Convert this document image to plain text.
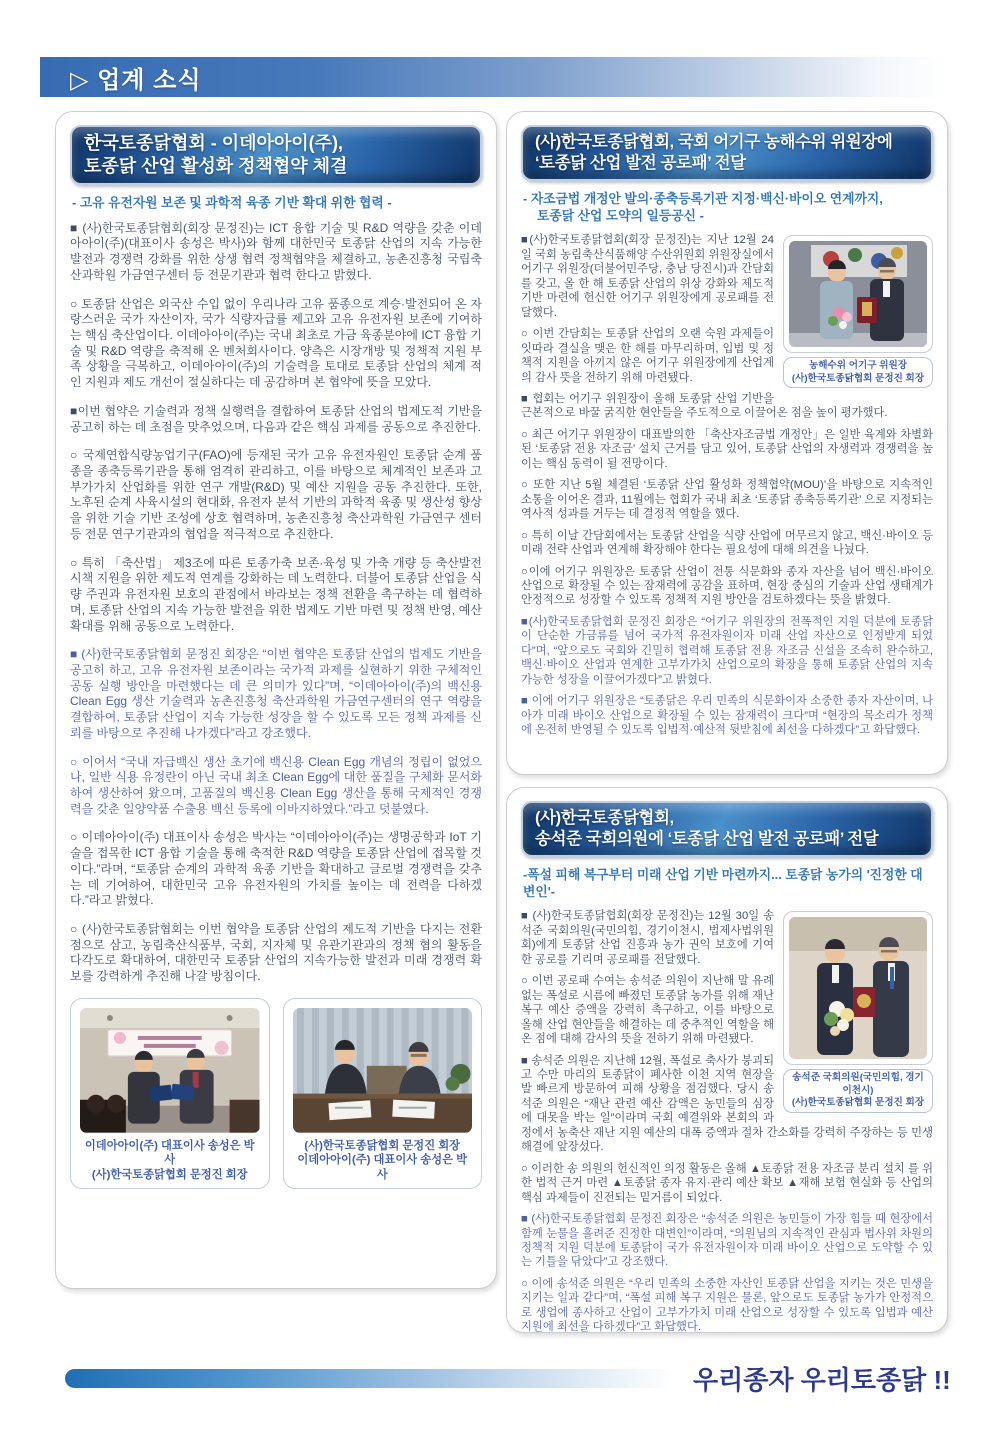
▷ 업계 소식
한국토종닭협회 - 이데아아이(주),
토종닭 산업 활성화 정책협약 체결
- 고유 유전자원 보존 및 과학적 육종 기반 확대 위한 협력 -

■ (사)한국토종닭협회(회장 문정진)는 ICT 융합 기술 및 R&D 역량을 갖춘 이데아아이(주)(대표이사 송성은 박사)와 함께 대한민국 토종닭 산업의 지속 가능한 발전과 경쟁력 강화를 위한 상생 협력 정책협약을 체결하고, 농촌진흥청 국립축산과학원 가금연구센터 등 전문기관과 협력 한다고 밝혔다.

○ 토종닭 산업은 외국산 수입 없이 우리나라 고유 품종으로 계승·발전되어 온 자랑스러운 국가 자산이자, 국가 식량자급률 제고와 고유 유전자원 보존에 기여하는 핵심 축산업이다. 이데아아이(주)는 국내 최초로 가금 육종분야에 ICT 융합 기술 및 R&D 역량을 축적해 온 벤처회사이다. 양측은 시장개방 및 정책적 지원 부족 상황을 극복하고, 이데아아이(주)의 기술력을 토대로 토종닭 산업의 체계 적인 지원과 제도 개선이 절실하다는 데 공감하며 본 협약에 뜻을 모았다.

■이번 협약은 기술력과 정책 실행력을 결합하여 토종닭 산업의 법제도적 기반을 공고히 하는 데 초점을 맞추었으며, 다음과 같은 핵심 과제를 공동으로 추진한다.

○ 국제연합식량농업기구(FAO)에 등재된 국가 고유 유전자원인 토종닭 순계 품종을 종축등록기관을 통해 엄격히 관리하고, 이를 바탕으로 체계적인 보존과 고부가가치 산업화를 위한 연구 개발(R&D) 및 예산 지원을 공동 추진한다. 또한, 노후된 순계 사육시설의 현대화, 유전자 분석 기반의 과학적 육종 및 생산성 향상을 위한 기술 기반 조성에 상호 협력하며, 농촌진흥청 축산과학원 가금연구 센터 등 전문 연구기관과의 협업을 적극적으로 추진한다.

○ 특히 「축산법」 제3조에 따른 토종가축 보존·육성 및 가축 개량 등 축산발전 시책 지원을 위한 제도적 연계를 강화하는 데 노력한다. 더불어 토종닭 산업을 식량 주권과 유전자원 보호의 관점에서 바라보는 정책 전환을 촉구하는 데 협력하며, 토종닭 산업의 지속 가능한 발전을 위한 법제도 기반 마련 및 정책 반영, 예산 확대를 위해 공동으로 노력한다.

■ (사)한국토종닭협회 문정진 회장은 “이번 협약은 토종닭 산업의 법제도 기반을 공고히 하고, 고유 유전자원 보존이라는 국가적 과제를 실현하기 위한 구체적인 공동 실행 방안을 마련했다는 데 큰 의미가 있다”며, “이데아아이(주)의 백신용 Clean Egg 생산 기술력과 농촌진흥청 축산과학원 가금연구센터의 연구 역량을 결합하여, 토종닭 산업이 지속 가능한 성장을 할 수 있도록 모든 정책 과제를 신뢰를 바탕으로 추진해 나가겠다”라고 강조했다.

○ 이어서 “국내 자급백신 생산 초기에 백신용 Clean Egg 개념의 정립이 없었으나, 일반 식용 유정란이 아닌 국내 최초 Clean Egg에 대한 품질을 구체화 문서화 하여 생산하여 왔으며, 고품질의 백신용 Clean Egg 생산을 통해 국제적인 경쟁력을 갖춘 일양약품 수출용 백신 등록에 이바지하였다.”라고 덧붙였다.

○ 이데아아이(주) 대표이사 송성은 박사는 “이데아아이(주)는 생명공학과 IoT 기술을 접목한 ICT 융합 기술을 통해 축적한 R&D 역량을 토종닭 산업에 접목할 것이다.”라며, “토종닭 순계의 과학적 육종 기반을 확대하고 글로벌 경쟁력을 갖추는 데 기여하여, 대한민국 고유 유전자원의 가치를 높이는 데 전력을 다하겠다.”라고 밝혔다.

○ (사)한국토종닭협회는 이번 협약을 토종닭 산업의 제도적 기반을 다지는 전환점으로 삼고, 농림축산식품부, 국회, 지자체 및 유관기관과의 정책 협의 활동을 다각도로 확대하여, 대한민국 토종닭 산업의 지속가능한 발전과 미래 경쟁력 확보를 강력하게 추진해 나갈 방침이다.

이데아아이(주) 대표이사 송성은 박사
(사)한국토종닭협회 문정진 회장
(사)한국토종닭협회 문정진 회장
이데아아이(주) 대표이사 송성은 박사
(사)한국토종닭협회, 국회 어기구 농해수위 위원장에
‘토종닭 산업 발전 공로패’ 전달
- 자조금법 개정안 발의·종축등록기관 지정·백신·바이오 연계까지,
토종닭 산업 도약의 일등공신 -
농해수위 어기구 위원장
(사)한국토종닭협회 문정진 회장

■(사)한국토종닭협회(회장 문정진)는 지난 12월 24일 국회 농림축산식품해양 수산위원회 위원장실에서 어기구 위원장(더불어민주당, 충남 당진시)과 간담회를 갖고, 올 한 해 토종닭 산업의 위상 강화와 제도적 기반 마련에 헌신한 어기구 위원장에게 공로패를 전달했다.

○ 이번 간담회는 토종닭 산업의 오랜 숙원 과제들이 잇따라 결실을 맺은 한 해를 마무리하며, 입법 및 정책적 지원을 아끼지 않은 어기구 위원장에게 산업계의 감사 뜻을 전하기 위해 마련됐다.

■ 협회는 어기구 위원장이 올해 토종닭 산업 기반을 근본적으로 바꿀 굵직한 현안들을 주도적으로 이끌어온 점을 높이 평가했다.

○ 최근 어기구 위원장이 대표발의한 「축산자조금법 개정안」은 일반 육계와 차별화된 ‘토종닭 전용 자조금’ 설치 근거를 담고 있어, 토종닭 산업의 자생력과 경쟁력을 높이는 핵심 동력이 될 전망이다.

○ 또한 지난 5월 체결된 ‘토종닭 산업 활성화 정책협약(MOU)’을 바탕으로 지속적인 소통을 이어온 결과, 11월에는 협회가 국내 최초 ‘토종닭 종축등록기관’ 으로 지정되는 역사적 성과를 거두는 데 결정적 역할을 했다.

○ 특히 이날 간담회에서는 토종닭 산업을 식량 산업에 머무르지 않고, 백신·바이오 등 미래 전략 산업과 연계해 확장해야 한다는 필요성에 대해 의견을 나눴다.

○이에 어기구 위원장은 토종닭 산업이 전통 식문화와 종자 자산을 넘어 백신·바이오 산업으로 확장될 수 있는 잠재력에 공감을 표하며, 현장 중심의 기술과 산업 생태계가 안정적으로 성장할 수 있도록 정책적 지원 방안을 검토하겠다는 뜻을 밝혔다.

■(사)한국토종닭협회 문정진 회장은 “어기구 위원장의 전폭적인 지원 덕분에 토종닭이 단순한 가금류를 넘어 국가적 유전자원이자 미래 산업 자산으로 인정받게 되었다”며, “앞으로도 국회와 긴밀히 협력해 토종닭 전용 자조금 신설을 조속히 완수하고, 백신·바이오 산업과 연계한 고부가가치 산업으로의 확장을 통해 토종닭 산업의 지속 가능한 성장을 이끌어가겠다”고 밝혔다.

■ 이에 어기구 위원장은 “토종닭은 우리 민족의 식문화이자 소중한 종자 자산이며, 나아가 미래 바이오 산업으로 확장될 수 있는 잠재력이 크다”며 “현장의 목소리가 정책에 온전히 반영될 수 있도록 입법적·예산적 뒷받침에 최선을 다하겠다”고 화답했다.

(사)한국토종닭협회,
송석준 국회의원에 ‘토종닭 산업 발전 공로패’ 전달
-폭설 피해 복구부터 미래 산업 기반 마련까지... 토종닭 농가의 '진정한 대변인'-
송석준 국회의원(국민의힘, 경기 이천시)
(사)한국토종닭협회 문정진 회장

■ (사)한국토종닭협회(회장 문정진)는 12월 30일 송석준 국회의원(국민의힘, 경기이천시, 법제사법위원회)에게 토종닭 산업 진흥과 농가 권익 보호에 기여한 공로를 기리며 공로패를 전달했다.

○ 이번 공로패 수여는 송석준 의원이 지난해 말 유례 없는 폭설로 시름에 빠졌던 토종닭 농가를 위해 재난 복구 예산 증액을 강력히 촉구하고, 이를 바탕으로 올해 산업 현안들을 해결하는 데 중추적인 역할을 해온 점에 대해 감사의 뜻을 전하기 위해 마련됐다.

■ 송석준 의원은 지난해 12월, 폭설로 축사가 붕괴되고 수만 마리의 토종닭이 폐사한 이천 지역 현장을 발 빠르게 방문하여 피해 상황을 점검했다. 당시 송석준 의원은 “재난 관련 예산 감액은 농민들의 심장에 대못을 박는 일”이라며 국회 예결위와 본회의 과정에서 농축산 재난 지원 예산의 대폭 증액과 절차 간소화를 강력히 주장하는 등 민생 해결에 앞장섰다.

○ 이러한 송 의원의 헌신적인 의정 활동은 올해 ▲토종닭 전용 자조금 분리 설치 를 위한 법적 근거 마련 ▲토종닭 종자 유지·관리 예산 확보 ▲재해 보험 현실화 등 산업의 핵심 과제들이 진전되는 밑거름이 되었다.

■ (사)한국토종닭협회 문정진 회장은 “송석준 의원은 농민들이 가장 힘들 때 현장에서 함께 눈물을 흘려준 진정한 대변인”이라며, “의원님의 지속적인 관심과 법사위 차원의 정책적 지원 덕분에 토종닭이 국가 유전자원이자 미래 바이오 산업으로 도약할 수 있는 기틀을 닦았다”고 강조했다.

○ 이에 송석준 의원은 “우리 민족의 소중한 자산인 토종닭 산업을 지키는 것은 민생을 지키는 일과 같다”며, “폭설 피해 복구 지원은 물론, 앞으로도 토종닭 농가가 안정적으로 생업에 종사하고 산업이 고부가가치 미래 산업으로 성장할 수 있도록 입법과 예산 지원에 최선을 다하겠다”고 화답했다.

우리종자 우리토종닭 !!
